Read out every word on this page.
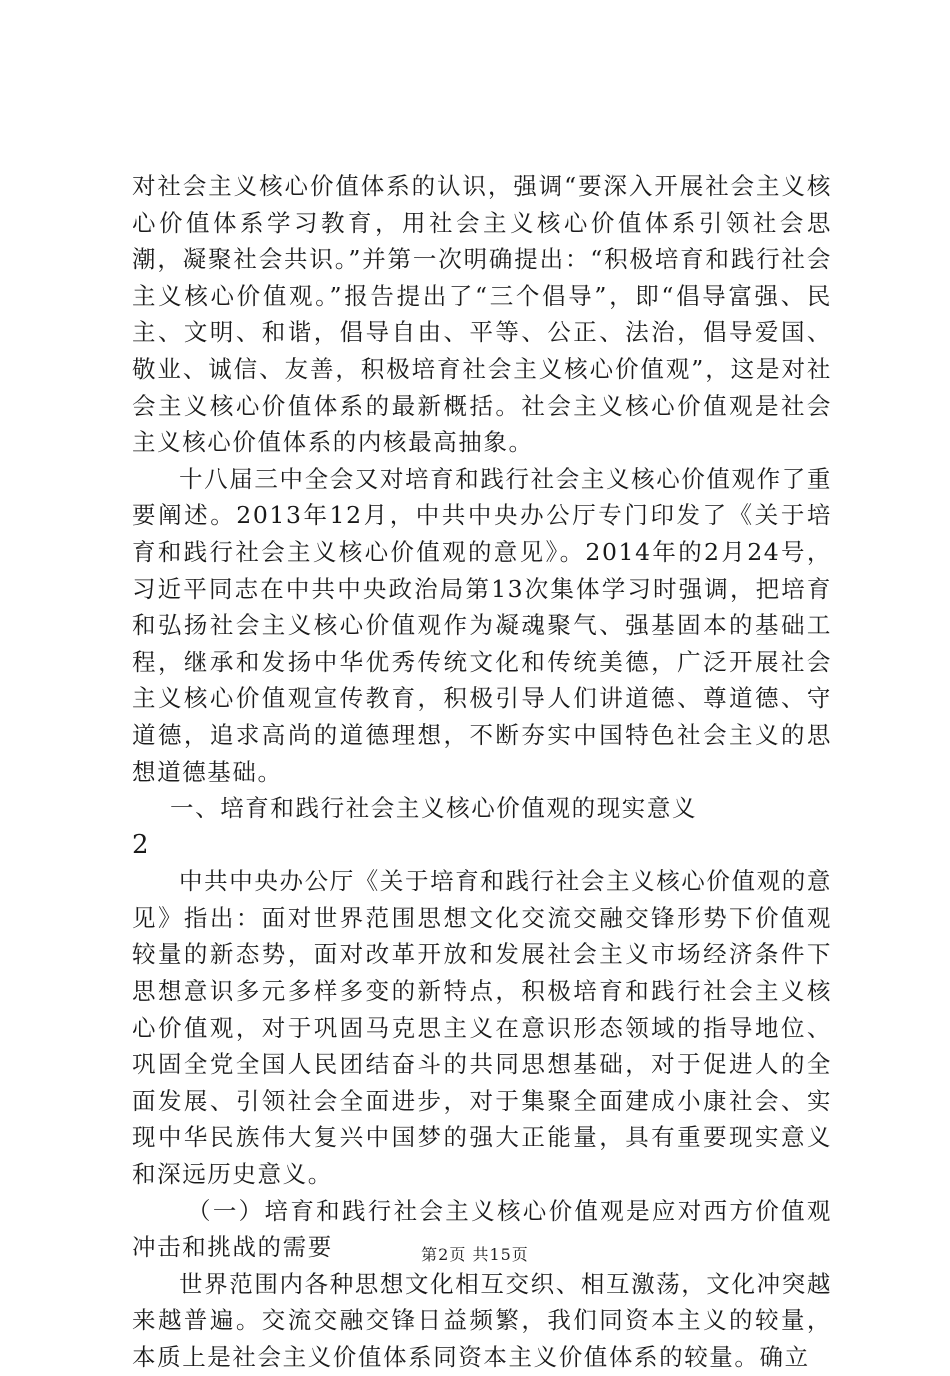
对社会主义核心价值体系的认识，强调“要深入开展社会主义核心价值体系学习教育，用社会主义核心价值体系引领社会思潮，凝聚社会共识。”并第一次明确提出：“积极培育和践行社会主义核心价值观。”报告提出了“三个倡导”，即“倡导富强、民主、文明、和谐，倡导自由、平等、公正、法治，倡导爱国、敬业、诚信、友善，积极培育社会主义核心价值观”，这是对社会主义核心价值体系的最新概括。社会主义核心价值观是社会主义核心价值体系的内核最高抽象。

十八届三中全会又对培育和践行社会主义核心价值观作了重要阐述。2013年12月，中共中央办公厅专门印发了《关于培育和践行社会主义核心价值观的意见》。2014年的2月24号，习近平同志在中共中央政治局第13次集体学习时强调，把培育和弘扬社会主义核心价值观作为凝魂聚气、强基固本的基础工程，继承和发扬中华优秀传统文化和传统美德，广泛开展社会主义核心价值观宣传教育，积极引导人们讲道德、尊道德、守道德，追求高尚的道德理想，不断夯实中国特色社会主义的思想道德基础。

一、培育和践行社会主义核心价值观的现实意义

2

中共中央办公厅《关于培育和践行社会主义核心价值观的意见》指出：面对世界范围思想文化交流交融交锋形势下价值观较量的新态势，面对改革开放和发展社会主义市场经济条件下思想意识多元多样多变的新特点，积极培育和践行社会主义核心价值观，对于巩固马克思主义在意识形态领域的指导地位、巩固全党全国人民团结奋斗的共同思想基础，对于促进人的全面发展、引领社会全面进步，对于集聚全面建成小康社会、实现中华民族伟大复兴中国梦的强大正能量，具有重要现实意义和深远历史意义。

（一）培育和践行社会主义核心价值观是应对西方价值观冲击和挑战的需要

世界范围内各种思想文化相互交织、相互激荡，文化冲突越来越普遍。交流交融交锋日益频繁，我们同资本主义的较量，本质上是社会主义价值体系同资本主义价值体系的较量。确立

第2页 共15页
